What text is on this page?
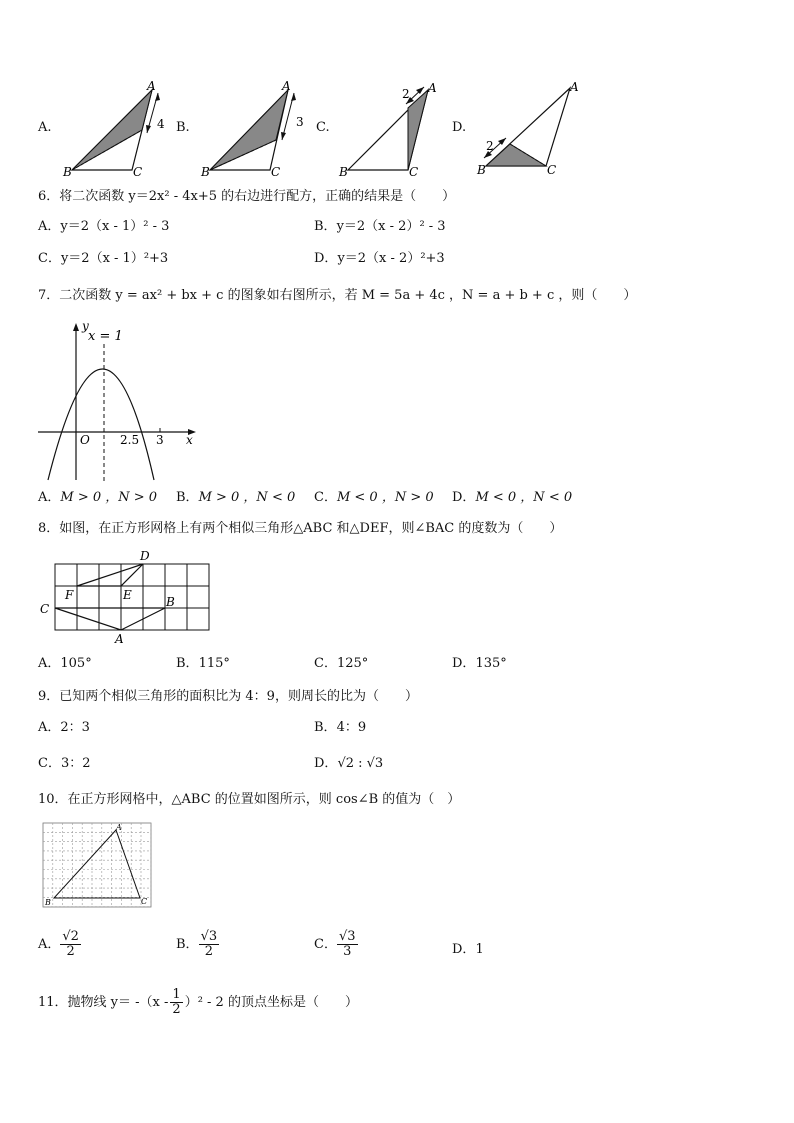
A.
A
B	C
4 B.
A
B	C
3 C.
A
B	C
2
D.
A
B	C
2
6．将二次函数 y＝2x² - 4x+5 的右边进行配方，正确的结果是（　　）
A．y＝2（x - 1）² - 3	B．y＝2（x - 2）² - 3
C．y＝2（x - 1）²+3	D．y＝2（x - 2）²+3
7．二次函数 y = ax² + bx + c 的图象如右图所示，若 M = 5a + 4c ，N = a + b + c ，则（　　）
y
x
x = 1
O	2.5 3
A．M > 0 ，N > 0 B．M > 0 ，N < 0 C．M < 0 ，N > 0 D．M < 0 ，N < 0
8．如图，在正方形网格上有两个相似三角形△ABC 和△DEF，则∠BAC 的度数为（　　）
A
B
C
D
E
F
A．105°	B．115°	C．125°	D．135°
9．已知两个相似三角形的面积比为 4：9，则周长的比为（　　）
A．2：3	B．4：9
C．3：2	D．√2 : √3
10．在正方形网格中，△ABC 的位置如图所示，则 cos∠B 的值为（　）
A
B	C
A． $\frac{√2}{2}$	B． $\frac{√3}{2}$	C． $\frac{√3}{3}$	D．1
11．抛物线 $y= -(x - \frac{1}{2} )^2 - 2$ 的顶点坐标是（　　）
